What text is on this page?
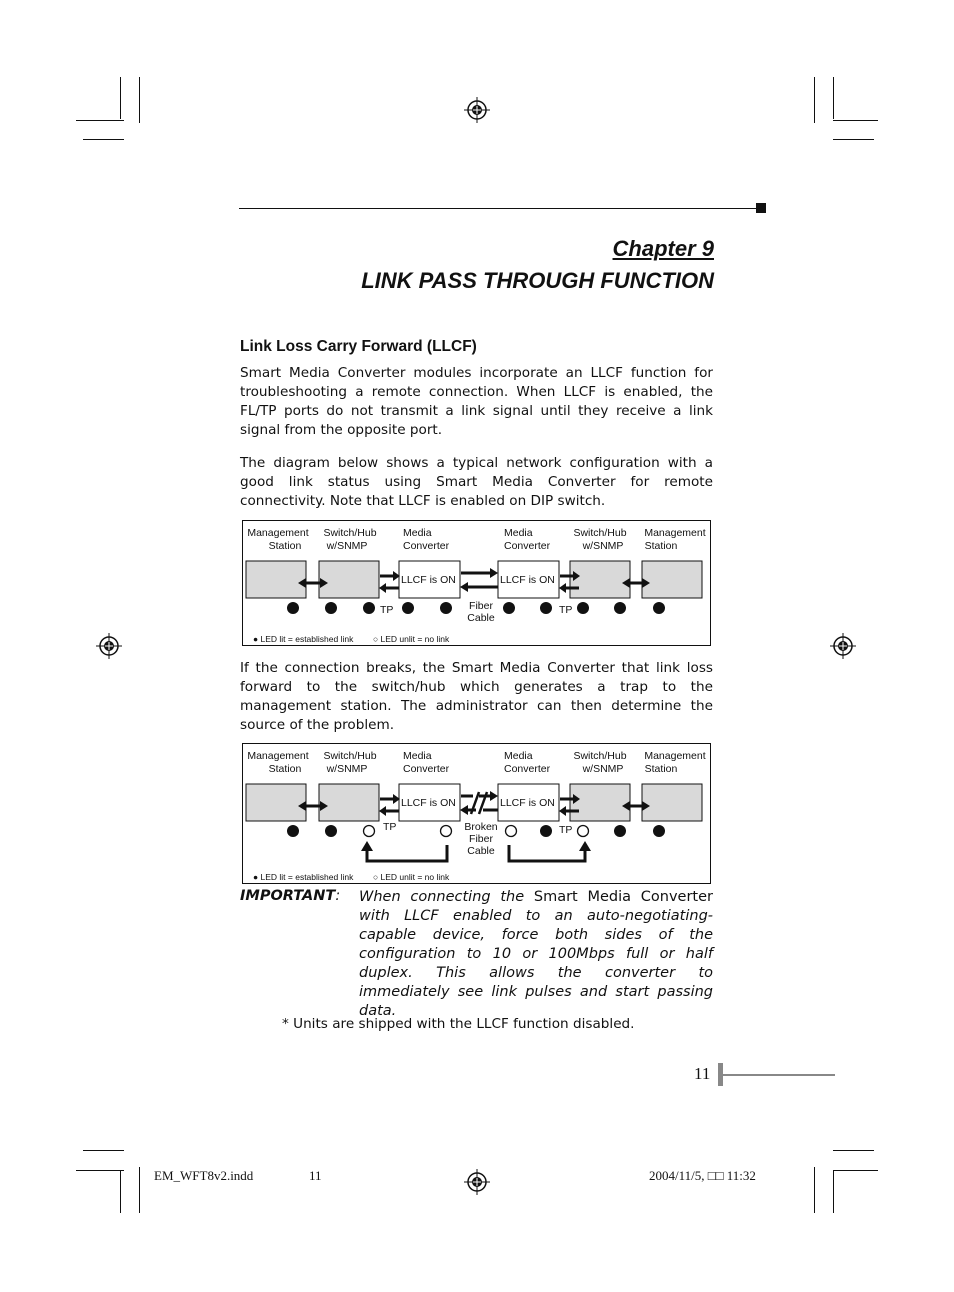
Chapter 9
LINK PASS THROUGH FUNCTION
Link Loss Carry Forward (LLCF)
Smart Media Converter modules incorporate an LLCF function for troubleshooting a remote connection. When LLCF is enabled, the FL/TP ports do not transmit a link signal until they receive a link signal from the opposite port.
The diagram below shows a typical network configuration with a good link status using Smart Media Converter for remote connectivity. Note that LLCF is enabled on DIP switch.
Management
Station
Switch/Hub
w/SNMP
Media
Converter
Media
Converter
Switch/Hub
w/SNMP
Management
Station
LLCF is ON	LLCF is ON
TP	Fiber
Cable
TP
● LED lit = established link ○ LED unlit = no link
If the connection breaks, the Smart Media Converter that link loss forward to the switch/hub which generates a trap to the management station. The administrator can then determine the source of the problem.
Management
Station
Switch/Hub
w/SNMP
Media
Converter
Media
Converter
Switch/Hub
w/SNMP
Management
Station
LLCF is ON	LLCF is ON
TP	Broken
Fiber
Cable
TP
● LED lit = established link ○ LED unlit = no link
IMPORTANT: When connecting the Smart Media Converter with LLCF enabled to an auto-negotiating-capable device, force both sides of the configuration to 10 or 100Mbps full or half duplex. This allows the converter to immediately see link pulses and start passing data.
* Units are shipped with the LLCF function disabled.
11
EM_WFT8v2.indd	11	2004/11/5, □□ 11:32
